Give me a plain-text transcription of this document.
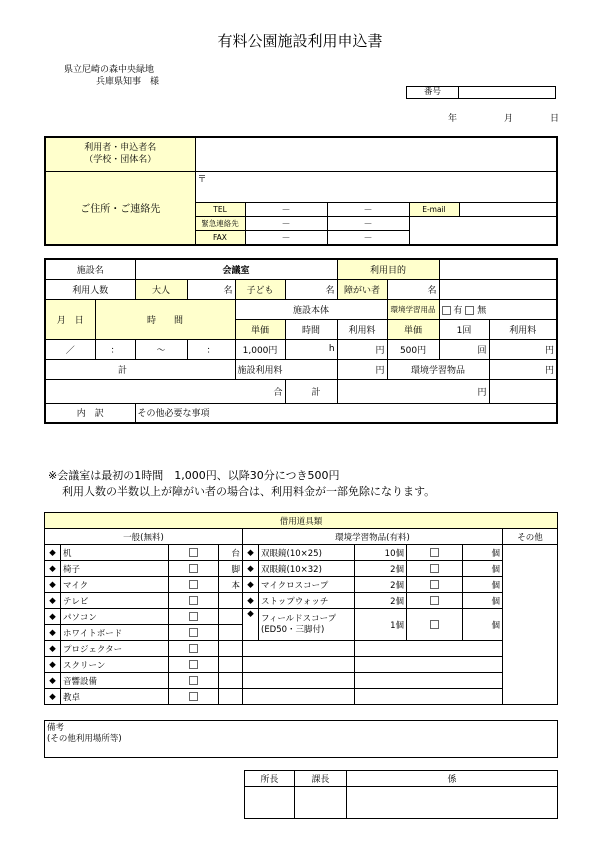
有料公園施設利用申込書
県立尼崎の森中央緑地
兵庫県知事　様
番号
年	月	日
利用者・申込者名
（学校・団体名）					

ご住所・ご連絡先	〒				

	TEL	－	－	E-mail	
	緊急連絡先	－	－		
	FAX	－	－		
施設名		会議室				利用目的			
利用人数		大人	名	子ども	名	障がい者	名		
月　日	時　　間			施設本体			環境学習用品	有 無	
				単価	時間	利用料	単価	1回	利用料
／	：	～	：	1,000円	h	円	500円	回	円
計				施設利用料		円	環境学習物品		円
合					計	円			
内　訳		その他必要な事項							
※会議室は最初の1時間　1,000円、以降30分につき500円
利用人数の半数以上が障がい者の場合は、利用料金が一部免除になります。
借用道具類									
一般(無料)				環境学習物品(有料)					その他
◆	机		台	◆	双眼鏡(10×25)	10個		個	
◆	椅子		脚	◆	双眼鏡(10×32)	2個		個	
◆	マイク		本	◆	マイクロスコープ	2個		個	
◆	テレビ			◆	ストップウォッチ	2個		個	
◆	パソコン			◆	フィールドスコープ
(ED50・三脚付)	1個		個	
◆	ホワイトボード								
◆	プロジェクター								
◆	スクリーン								
◆	音響設備								
◆	教卓								
備考
(その他利用場所等)
所長	課長	係
